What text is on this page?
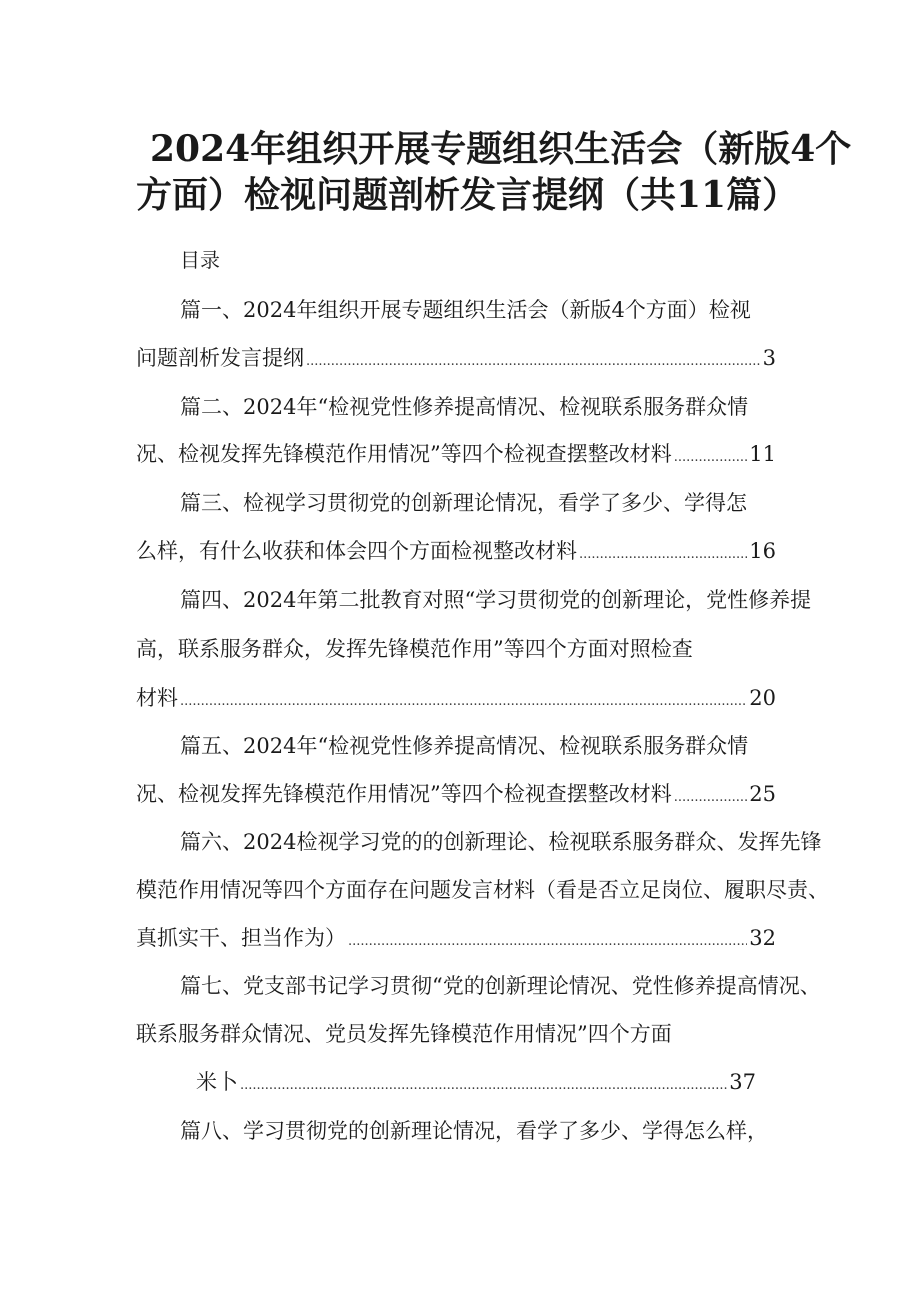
2024年组织开展专题组织生活会（新版4个
方面）检视问题剖析发言提纲（共11篇）
目录
篇一、2024年组织开展专题组织生活会（新版4个方面）检视
问题剖析发言提纲 .....	3
篇二、2024年“检视党性修养提高情况、检视联系服务群众情
况、检视发挥先锋模范作用情况”等四个检视查摆整改材料 .....	11
篇三、检视学习贯彻党的创新理论情况，看学了多少、学得怎
么样，有什么收获和体会四个方面检视整改材料 .....	16
篇四、2024年第二批教育对照“学习贯彻党的创新理论，党性修养提
高，联系服务群众，发挥先锋模范作用”等四个方面对照检查
材料 .....	20
篇五、2024年“检视党性修养提高情况、检视联系服务群众情
况、检视发挥先锋模范作用情况”等四个检视查摆整改材料 .....	25
篇六、2024检视学习党的的创新理论、检视联系服务群众、发挥先锋
模范作用情况等四个方面存在问题发言材料（看是否立足岗位、履职尽责、
真抓实干、担当作为） .....	32
篇七、党支部书记学习贯彻“党的创新理论情况、党性修养提高情况、
联系服务群众情况、党员发挥先锋模范作用情况”四个方面
米卜 .....	37
篇八、学习贯彻党的创新理论情况，看学了多少、学得怎么样，
